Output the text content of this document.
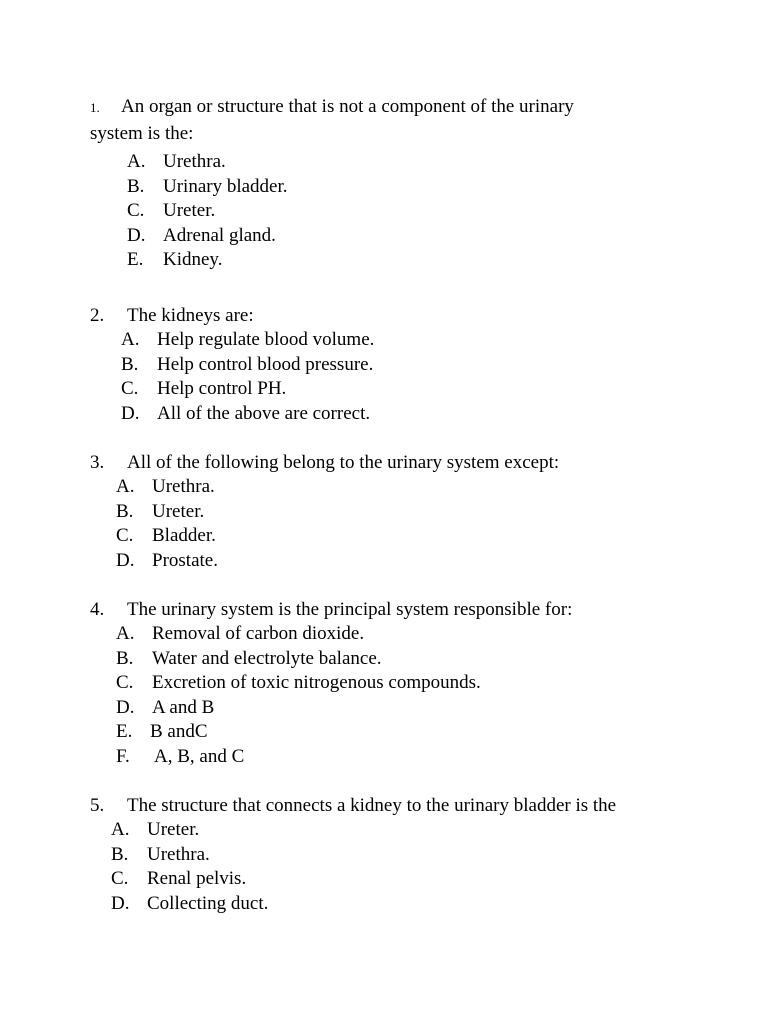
1. An organ or structure that is not a component of the urinary
system is the:
A. Urethra.
B. Urinary bladder.
C. Ureter.
D. Adrenal gland.
E. Kidney.
2. The kidneys are:
A. Help regulate blood volume.
B. Help control blood pressure.
C. Help control PH.
D. All of the above are correct.
3. All of the following belong to the urinary system except:
A. Urethra.
B. Ureter.
C. Bladder.
D. Prostate.
4. The urinary system is the principal system responsible for:
A. Removal of carbon dioxide.
B. Water and electrolyte balance.
C. Excretion of toxic nitrogenous compounds.
D. A and B
E. B andC
F. A, B, and C
5. The structure that connects a kidney to the urinary bladder is the
A. Ureter.
B. Urethra.
C. Renal pelvis.
D. Collecting duct.
